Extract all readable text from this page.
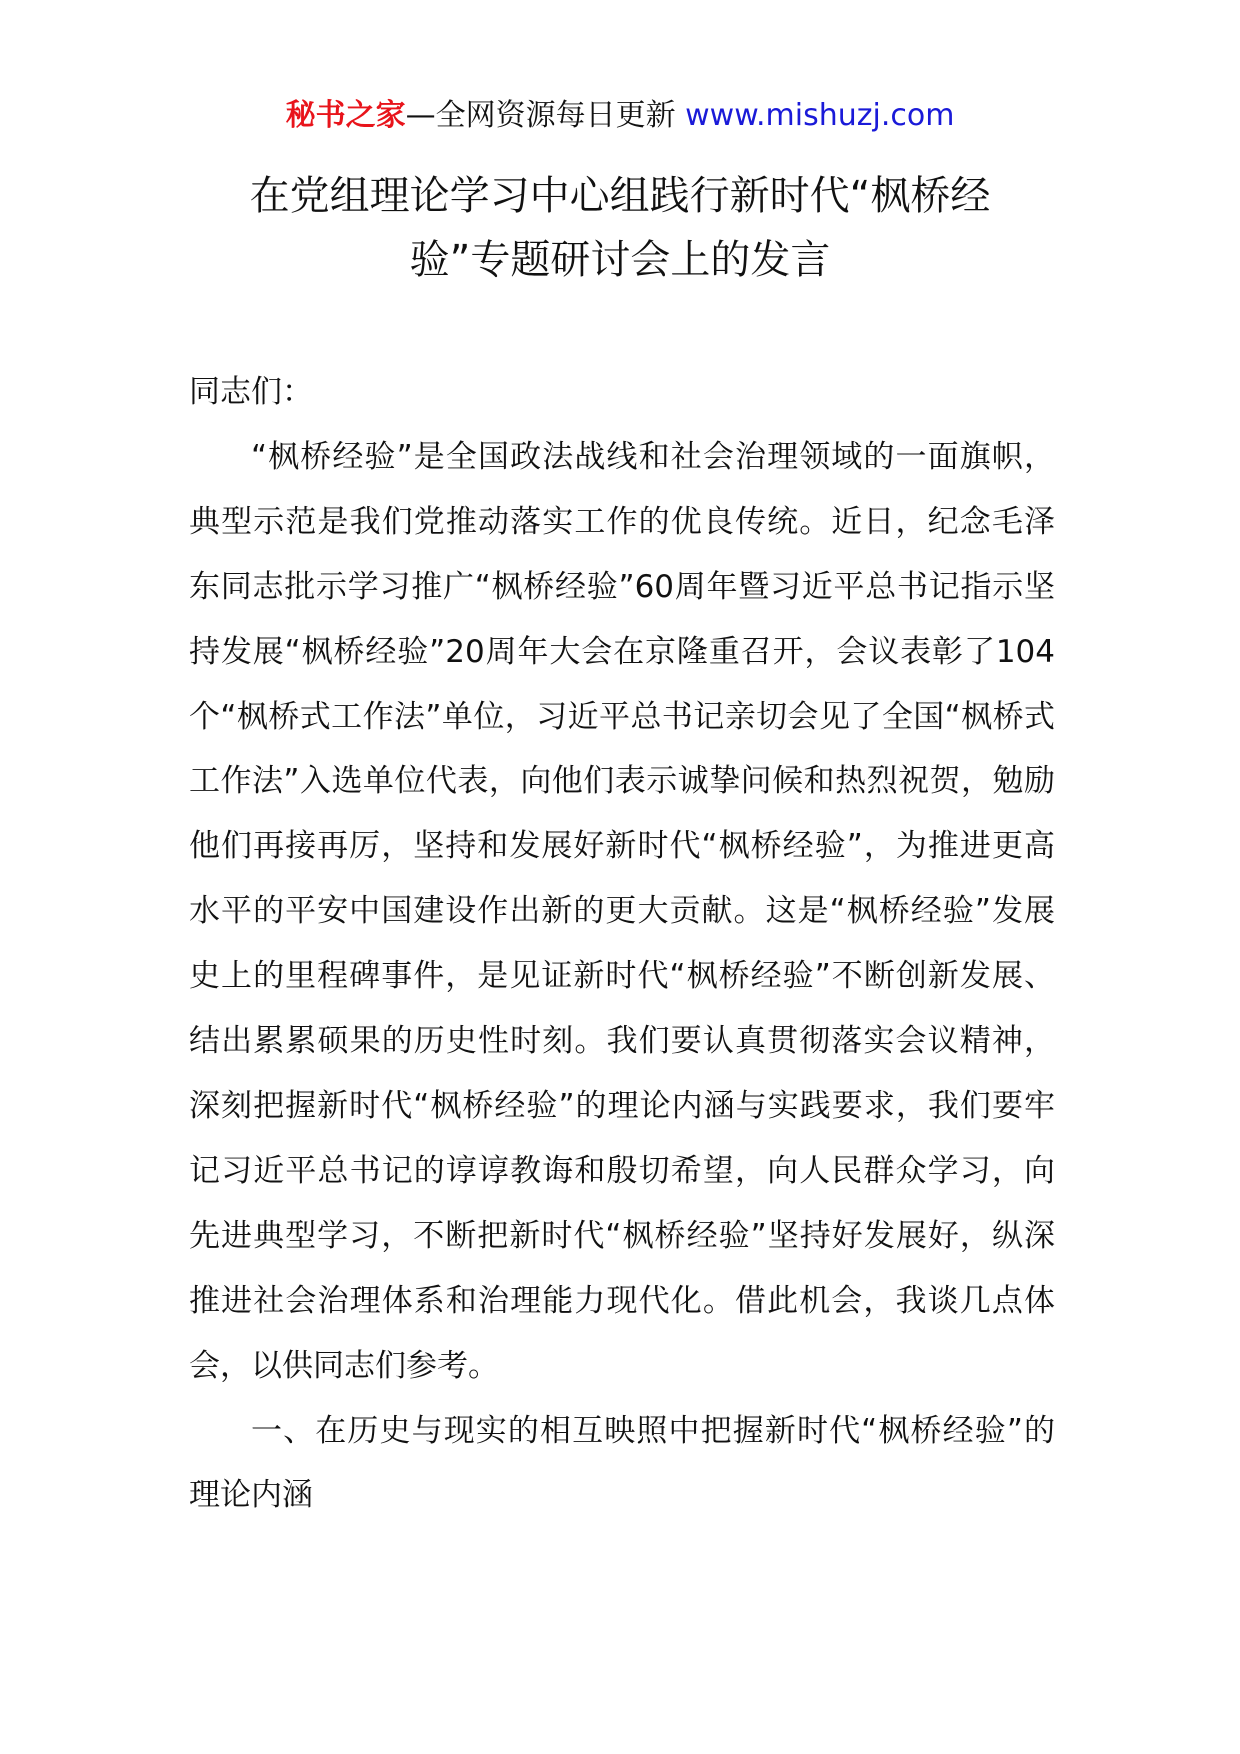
秘书之家—全网资源每日更新 www.mishuzj.com
在党组理论学习中心组践行新时代“枫桥经
验”专题研讨会上的发言

同志们：

“枫桥经验”是全国政法战线和社会治理领域的一面旗帜，典型示范是我们党推动落实工作的优良传统。近日，纪念毛泽东同志批示学习推广“枫桥经验”60周年暨习近平总书记指示坚持发展“枫桥经验”20周年大会在京隆重召开，会议表彰了104个“枫桥式工作法”单位，习近平总书记亲切会见了全国“枫桥式工作法”入选单位代表，向他们表示诚挚问候和热烈祝贺，勉励他们再接再厉，坚持和发展好新时代“枫桥经验”，为推进更高水平的平安中国建设作出新的更大贡献。这是“枫桥经验”发展史上的里程碑事件，是见证新时代“枫桥经验”不断创新发展、结出累累硕果的历史性时刻。我们要认真贯彻落实会议精神，深刻把握新时代“枫桥经验”的理论内涵与实践要求，我们要牢记习近平总书记的谆谆教诲和殷切希望，向人民群众学习，向先进典型学习，不断把新时代“枫桥经验”坚持好发展好，纵深推进社会治理体系和治理能力现代化。借此机会，我谈几点体会，以供同志们参考。

一、在历史与现实的相互映照中把握新时代“枫桥经验”的理论内涵
